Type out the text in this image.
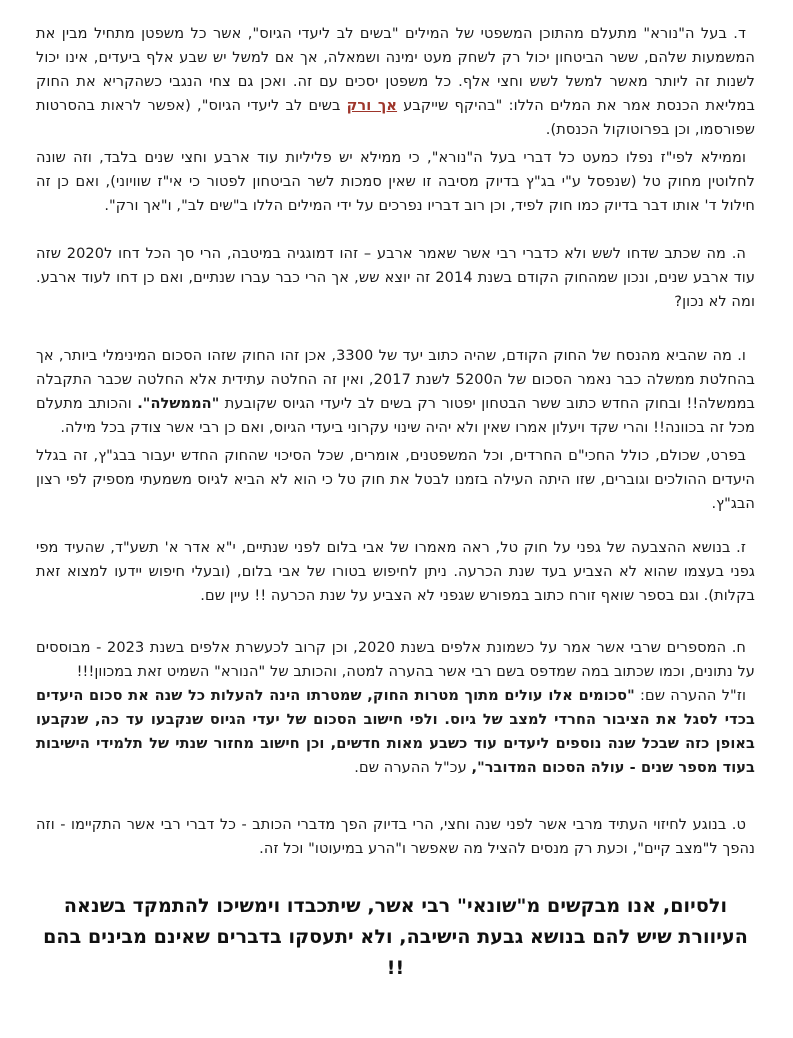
ד. בעל ה"נורא" מתעלם מהתוכן המשפטי של המילים "בשים לב ליעדי הגיוס", אשר כל משפטן מתחיל מבין את המשמעות שלהם, ששר הביטחון יכול רק לשחק מעט ימינה ושמאלה, אך אם למשל יש שבע אלף ביעדים, אינו יכול לשנות זה ליותר מאשר למשל לשש וחצי אלף. כל משפטן יסכים עם זה. ואכן גם צחי הנגבי כשהקריא את החוק במליאת הכנסת אמר את המלים הללו: "בהיקף שייקבע אך ורק בשים לב ליעדי הגיוס", (אפשר לראות בהסרטות שפורסמו, וכן בפרוטוקול הכנסת).

וממילא לפי"ז נפלו כמעט כל דברי בעל ה"נורא", כי ממילא יש פליליות עוד ארבע וחצי שנים בלבד, וזה שונה לחלוטין מחוק טל (שנפסל ע"י בג"ץ בדיוק מסיבה זו שאין סמכות לשר הביטחון לפטור כי אי"ז שוויוני), ואם כן זה חילול ד' אותו דבר בדיוק כמו חוק לפיד, וכן רוב דבריו נפרכים על ידי המילים הללו ב"שים לב", ו"אך ורק".

ה. מה שכתב שדחו לשש ולא כדברי רבי אשר שאמר ארבע – זהו דמוגגיה במיטבה, הרי סך הכל דחו ל2020 שזה עוד ארבע שנים, ונכון שמהחוק הקודם בשנת 2014 זה יוצא שש, אך הרי כבר עברו שנתיים, ואם כן דחו לעוד ארבע. ומה לא נכון?

ו. מה שהביא מהנסח של החוק הקודם, שהיה כתוב יעד של 3300, אכן זהו החוק שזהו הסכום המינימלי ביותר, אך בהחלטת ממשלה כבר נאמר הסכום של ה5200 לשנת 2017, ואין זה החלטה עתידית אלא החלטה שכבר התקבלה בממשלה!! ובחוק החדש כתוב ששר הבטחון יפטור רק בשים לב ליעדי הגיוס שקובעת "הממשלה". והכותב מתעלם מכל זה בכוונה!! והרי שקד ויעלון אמרו שאין ולא יהיה שינוי עקרוני ביעדי הגיוס, ואם כן רבי אשר צודק בכל מילה.

בפרט, שכולם, כולל החכי"ם החרדים, וכל המשפטנים, אומרים, שכל הסיכוי שהחוק החדש יעבור בבג"ץ, זה בגלל היעדים ההולכים וגוברים, שזו היתה העילה בזמנו לבטל את חוק טל כי הוא לא הביא לגיוס משמעתי מספיק לפי רצון הבג"ץ.

ז. בנושא ההצבעה של גפני על חוק טל, ראה מאמרו של אבי בלום לפני שנתיים, י"א אדר א' תשע"ד, שהעיד מפי גפני בעצמו שהוא לא הצביע בעד שנת הכרעה. ניתן לחיפוש בטורו של אבי בלום, (ובעלי חיפוש יידעו למצוא זאת בקלות). וגם בספר שואף זורח כתוב במפורש שגפני לא הצביע על שנת הכרעה !! עיין שם.

ח. המספרים שרבי אשר אמר על כשמונת אלפים בשנת 2020, וכן קרוב לכעשרת אלפים בשנת 2023 - מבוססים על נתונים, וכמו שכתוב במה שמדפס בשם רבי אשר בהערה למטה, והכותב של "הנורא" השמיט זאת במכוון!!!

וז"ל ההערה שם: "סכומים אלו עולים מתוך מטרות החוק, שמטרתו הינה להעלות כל שנה את סכום היעדים בכדי לסגל את הציבור החרדי למצב של גיוס. ולפי חישוב הסכום של יעדי הגיוס שנקבעו עד כה, שנקבעו באופן כזה שבכל שנה נוספים ליעדים עוד כשבע מאות חדשים, וכן חישוב מחזור שנתי של תלמידי הישיבות בעוד מספר שנים - עולה הסכום המדובר", עכ"ל ההערה שם.

ט. בנוגע לחיזוי העתיד מרבי אשר לפני שנה וחצי, הרי בדיוק הפך מדברי הכותב - כל דברי רבי אשר התקיימו - וזה נהפך ל"מצב קיים", וכעת רק מנסים להציל מה שאפשר ו"הרע במיעוטו" וכל זה.

ולסיום, אנו מבקשים מ"שונאי" רבי אשר, שיתכבדו וימשיכו להתמקד בשנאה העיוורת שיש להם בנושא גבעת הישיבה, ולא יתעסקו בדברים שאינם מבינים בהם !!
